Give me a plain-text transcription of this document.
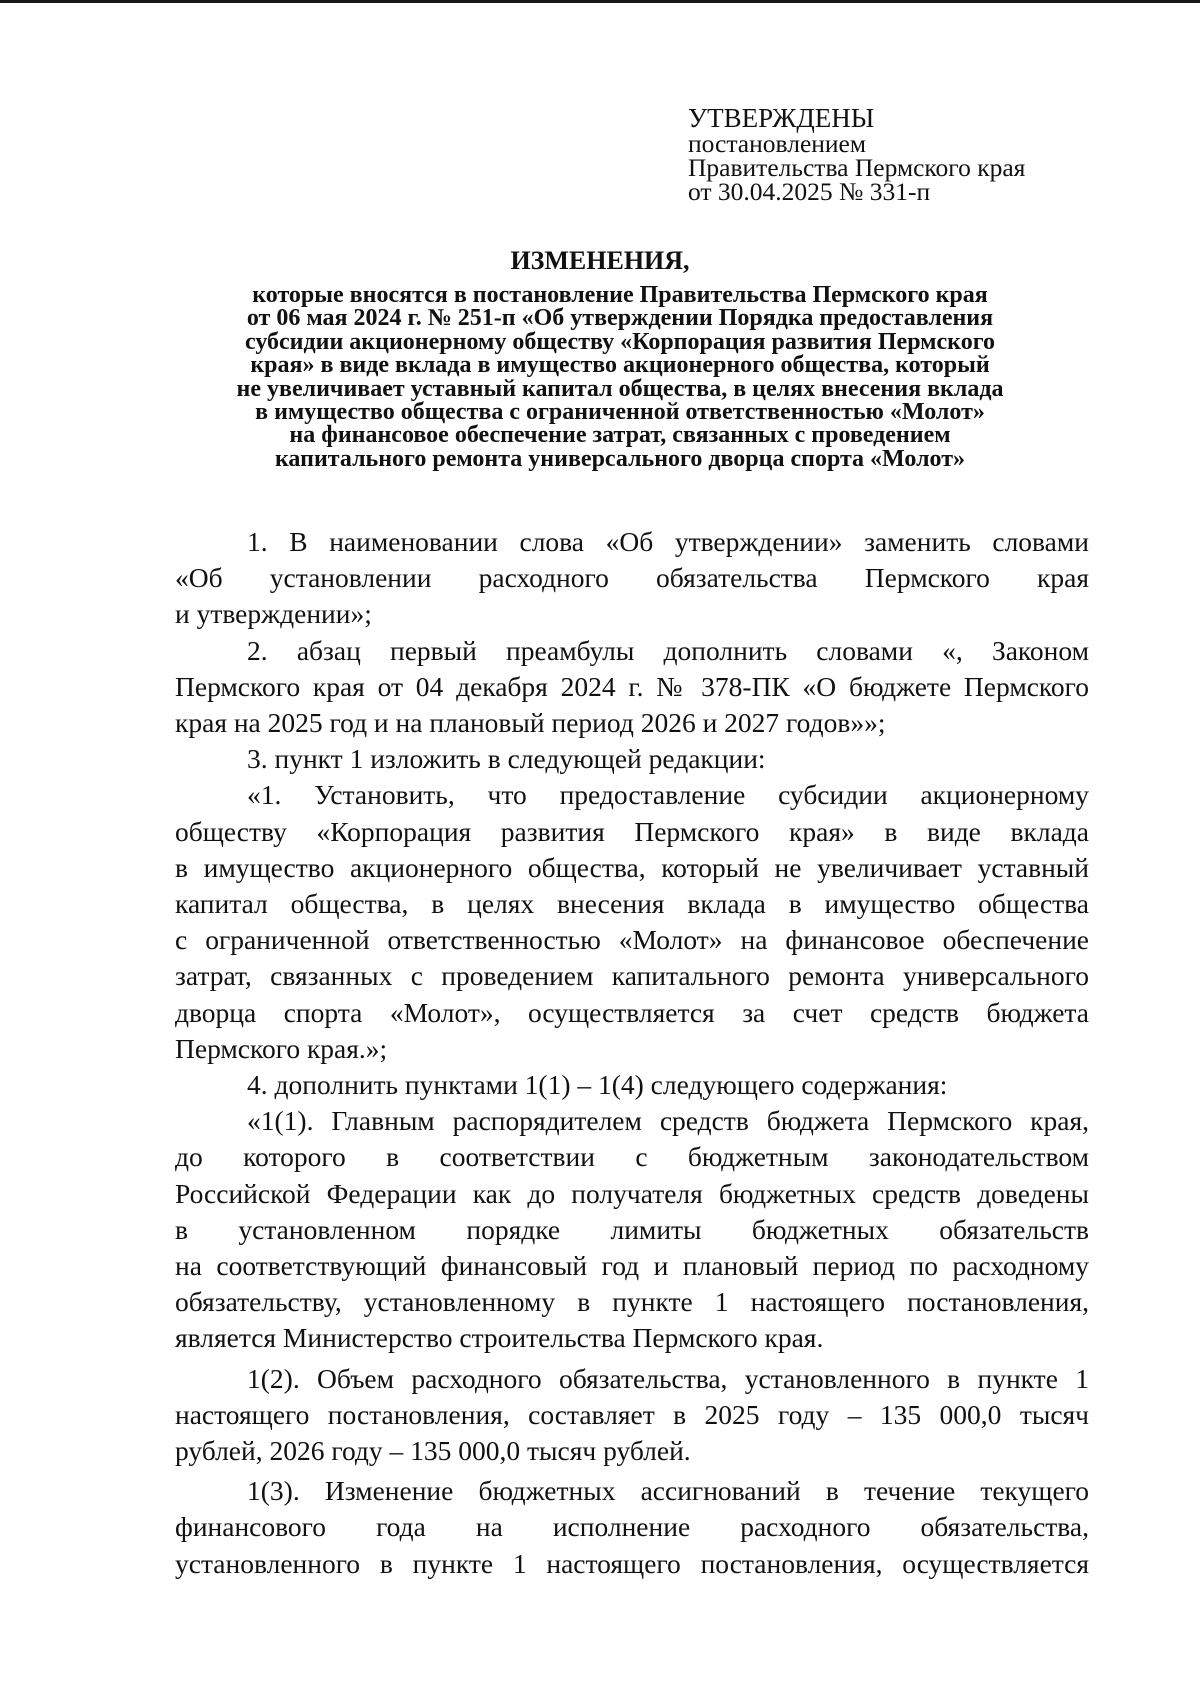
УТВЕРЖДЕНЫ
постановлением
Правительства Пермского края
от 30.04.2025 № 331-п
ИЗМЕНЕНИЯ,
которые вносятся в постановление Правительства Пермского края
от 06 мая 2024 г. № 251-п «Об утверждении Порядка предоставления
субсидии акционерному обществу «Корпорация развития Пермского
края» в виде вклада в имущество акционерного общества, который
не увеличивает уставный капитал общества, в целях внесения вклада
в имущество общества с ограниченной ответственностью «Молот»
на финансовое обеспечение затрат, связанных с проведением
капитального ремонта универсального дворца спорта «Молот»
1. В наименовании слова «Об утверждении» заменить словами
«Об установлении расходного обязательства Пермского края
и утверждении»;
2. абзац первый преамбулы дополнить словами «, Законом
Пермского края от 04 декабря 2024 г. № 378-ПК «О бюджете Пермского
края на 2025 год и на плановый период 2026 и 2027 годов»»;
3. пункт 1 изложить в следующей редакции:
«1. Установить, что предоставление субсидии акционерному
обществу «Корпорация развития Пермского края» в виде вклада
в имущество акционерного общества, который не увеличивает уставный
капитал общества, в целях внесения вклада в имущество общества
с ограниченной ответственностью «Молот» на финансовое обеспечение
затрат, связанных с проведением капитального ремонта универсального
дворца спорта «Молот», осуществляется за счет средств бюджета
Пермского края.»;
4. дополнить пунктами 1(1) – 1(4) следующего содержания:
«1(1). Главным распорядителем средств бюджета Пермского края,
до которого в соответствии с бюджетным законодательством
Российской Федерации как до получателя бюджетных средств доведены
в установленном порядке лимиты бюджетных обязательств
на соответствующий финансовый год и плановый период по расходному
обязательству, установленному в пункте 1 настоящего постановления,
является Министерство строительства Пермского края.
1(2). Объем расходного обязательства, установленного в пункте 1
настоящего постановления, составляет в 2025 году – 135 000,0 тысяч
рублей, 2026 году – 135 000,0 тысяч рублей.
1(3). Изменение бюджетных ассигнований в течение текущего
финансового года на исполнение расходного обязательства,
установленного в пункте 1 настоящего постановления, осуществляется
